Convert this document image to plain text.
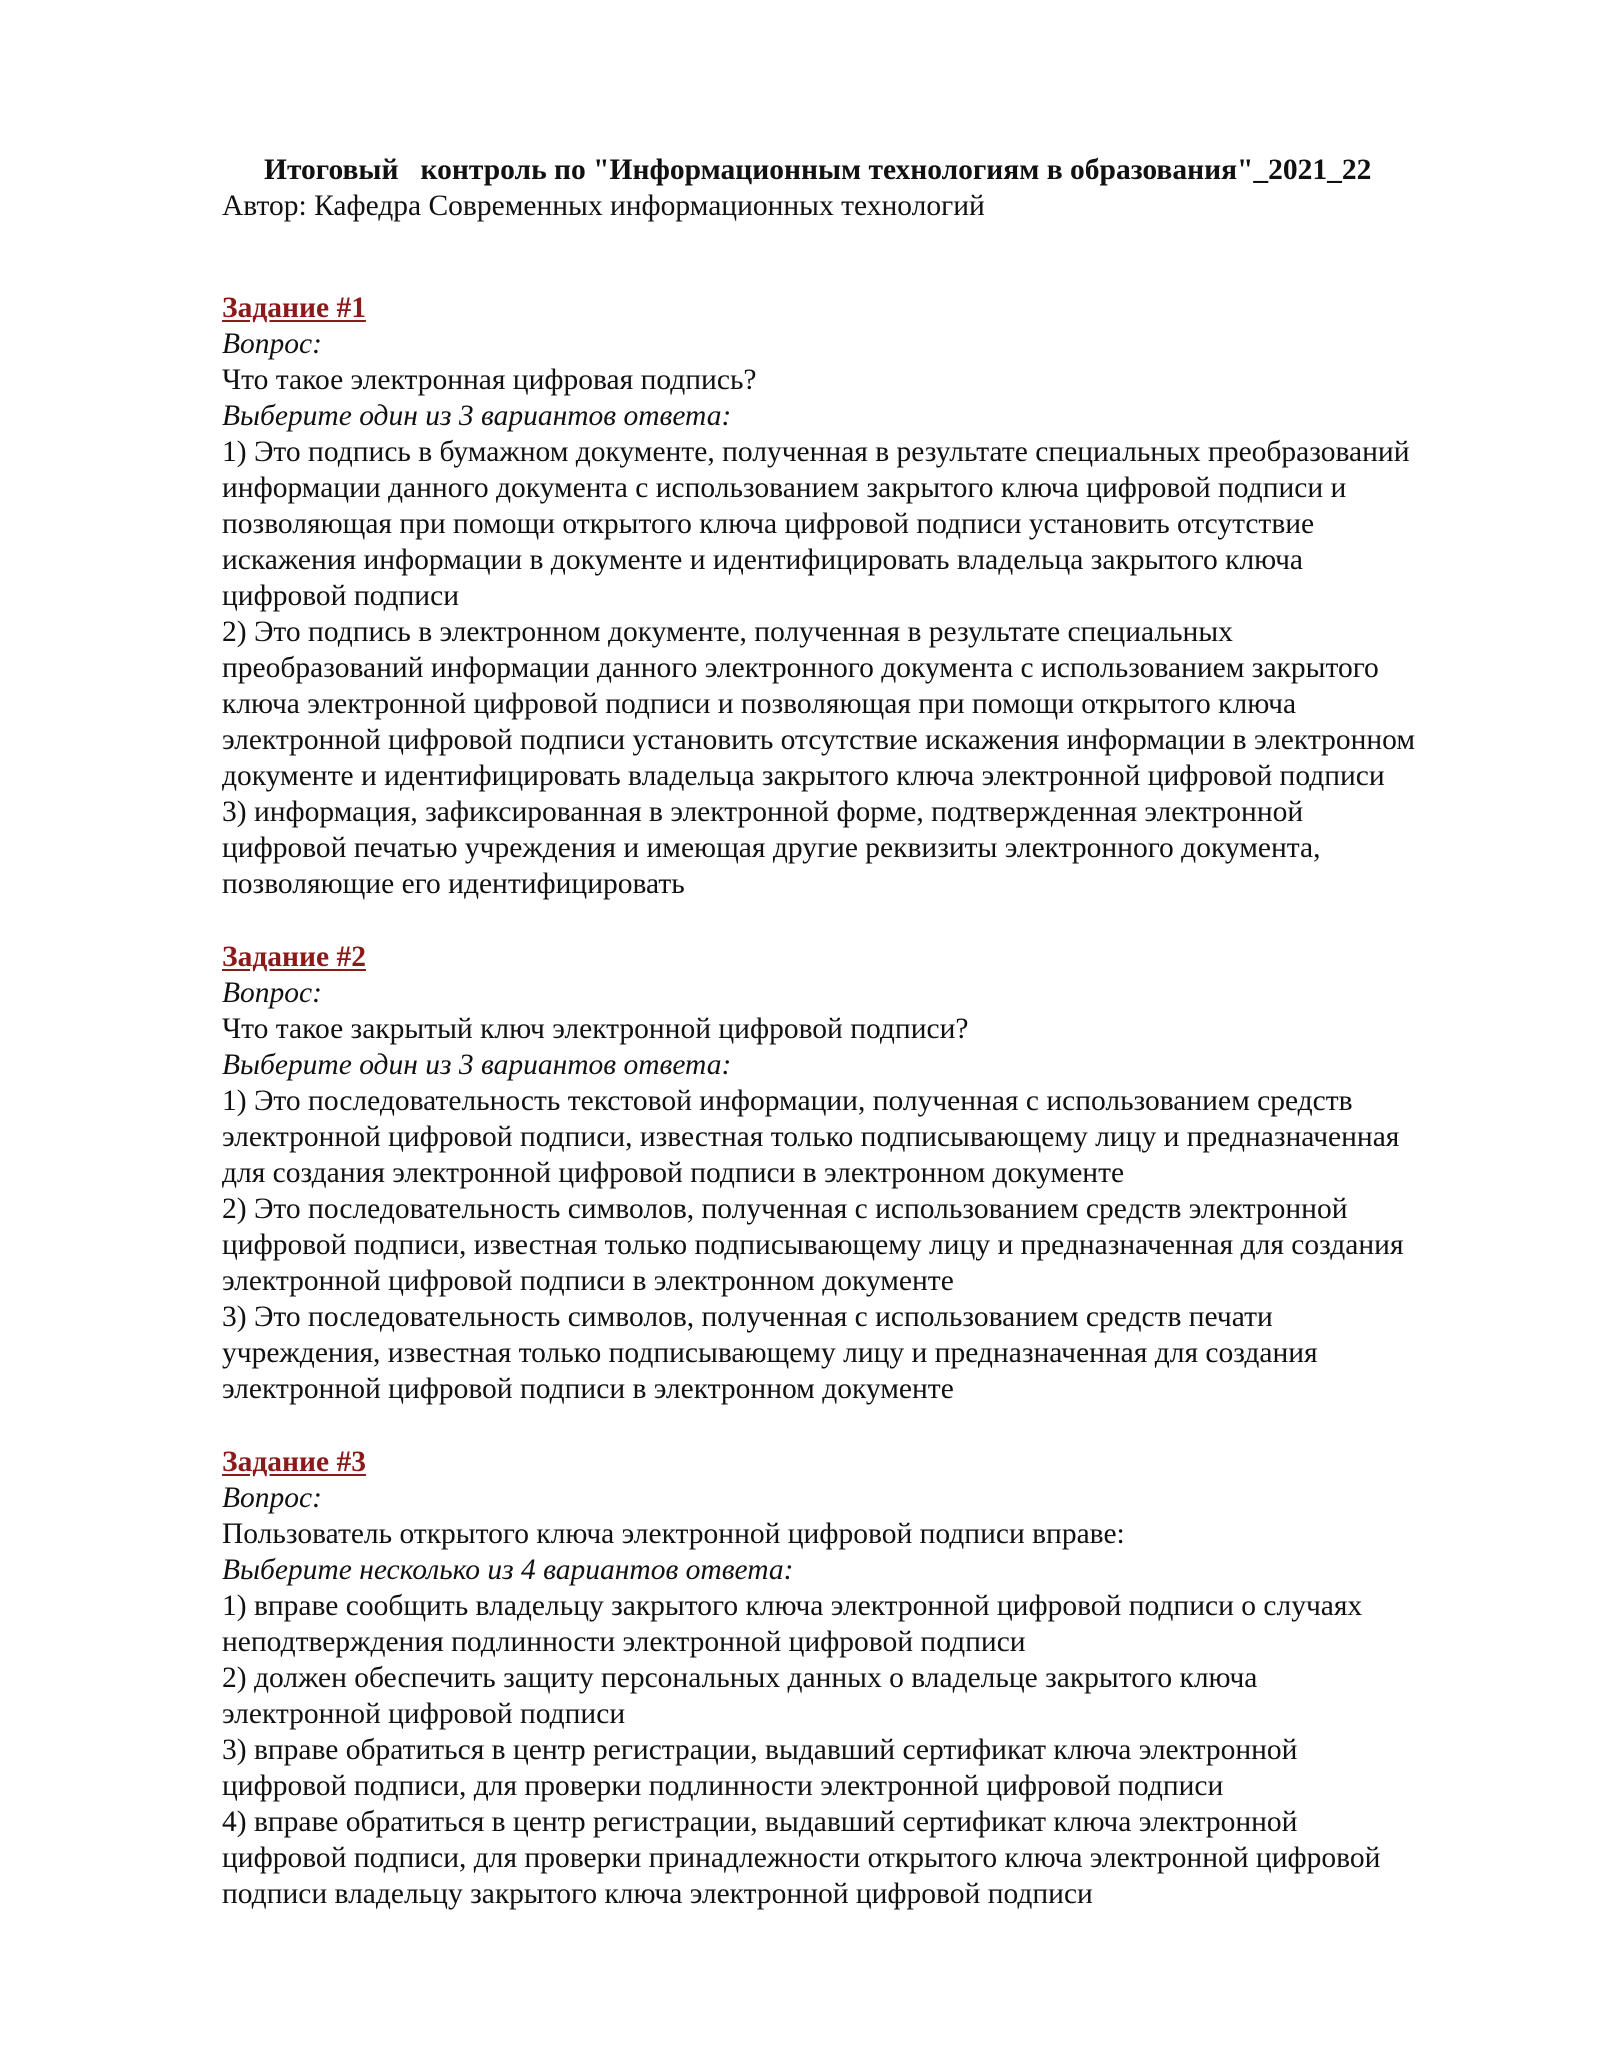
Итоговый   контроль по "Информационным технологиям в образования"_2021_22
Автор: Кафедра Современных информационных технологий
Задание #1
Вопрос:
Что такое электронная цифровая подпись?
Выберите один из 3 вариантов ответа:
1) Это подпись в бумажном документе, полученная в результате специальных преобразований
информации данного документа с использованием закрытого ключа цифровой подписи и
позволяющая при помощи открытого ключа цифровой подписи установить отсутствие
искажения информации в документе и идентифицировать владельца закрытого ключа
цифровой подписи
2) Это подпись в электронном документе, полученная в результате специальных
преобразований информации данного электронного документа с использованием закрытого
ключа электронной цифровой подписи и позволяющая при помощи открытого ключа
электронной цифровой подписи установить отсутствие искажения информации в электронном
документе и идентифицировать владельца закрытого ключа электронной цифровой подписи
3) информация, зафиксированная в электронной форме, подтвержденная электронной
цифровой печатью учреждения и имеющая другие реквизиты электронного документа,
позволяющие его идентифицировать
Задание #2
Вопрос:
Что такое закрытый ключ электронной цифровой подписи?
Выберите один из 3 вариантов ответа:
1) Это последовательность текстовой информации, полученная с использованием средств
электронной цифровой подписи, известная только подписывающему лицу и предназначенная
для создания электронной цифровой подписи в электронном документе
2) Это последовательность символов, полученная с использованием средств электронной
цифровой подписи, известная только подписывающему лицу и предназначенная для создания
электронной цифровой подписи в электронном документе
3) Это последовательность символов, полученная с использованием средств печати
учреждения, известная только подписывающему лицу и предназначенная для создания
электронной цифровой подписи в электронном документе
Задание #3
Вопрос:
Пользователь открытого ключа электронной цифровой подписи вправе:
Выберите несколько из 4 вариантов ответа:
1) вправе сообщить владельцу закрытого ключа электронной цифровой подписи о случаях
неподтверждения подлинности электронной цифровой подписи
2) должен обеспечить защиту персональных данных о владельце закрытого ключа
электронной цифровой подписи
3) вправе обратиться в центр регистрации, выдавший сертификат ключа электронной
цифровой подписи, для проверки подлинности электронной цифровой подписи
4) вправе обратиться в центр регистрации, выдавший сертификат ключа электронной
цифровой подписи, для проверки принадлежности открытого ключа электронной цифровой
подписи владельцу закрытого ключа электронной цифровой подписи
